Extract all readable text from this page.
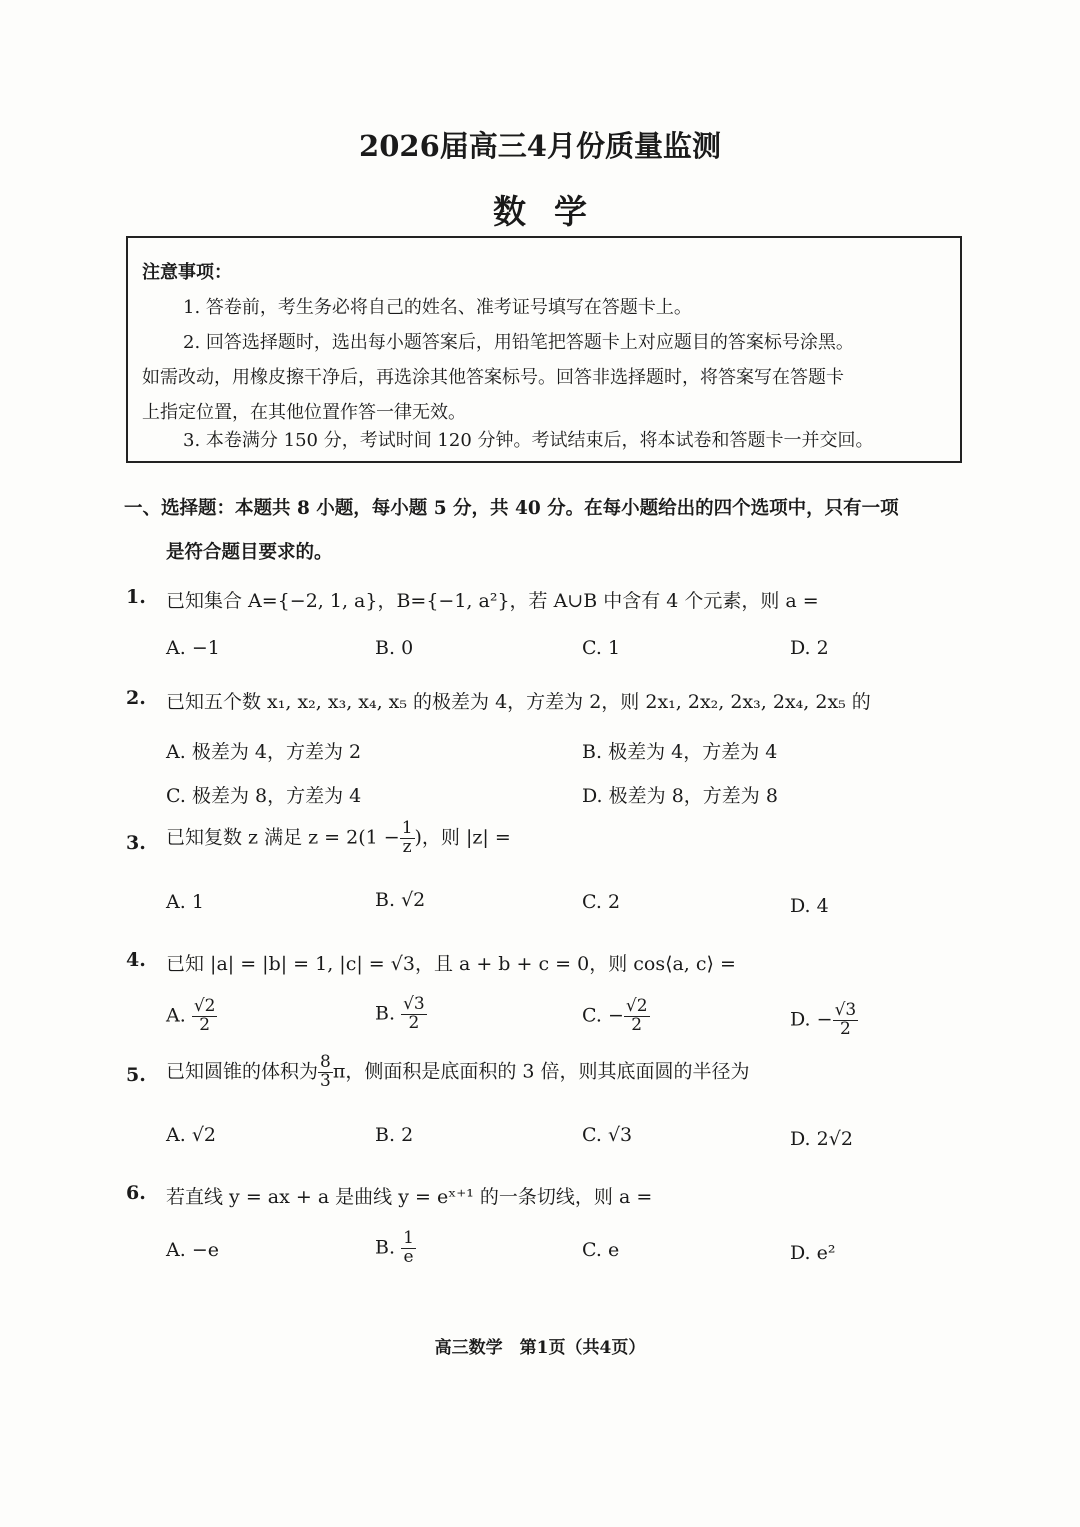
2026届高三4月份质量监测
数学
注意事项：
1. 答卷前，考生务必将自己的姓名、准考证号填写在答题卡上。
2. 回答选择题时，选出每小题答案后，用铅笔把答题卡上对应题目的答案标号涂黑。
如需改动，用橡皮擦干净后，再选涂其他答案标号。回答非选择题时，将答案写在答题卡
上指定位置，在其他位置作答一律无效。
3. 本卷满分 150 分，考试时间 120 分钟。考试结束后，将本试卷和答题卡一并交回。
一、选择题：本题共 8 小题，每小题 5 分，共 40 分。在每小题给出的四个选项中，只有一项
是符合题目要求的。
1. 已知集合 A={−2, 1, a}，B={−1, a²}，若 A∪B 中含有 4 个元素，则 a =
A. −1	B. 0	C. 1	D. 2
2. 已知五个数 x₁, x₂, x₃, x₄, x₅ 的极差为 4，方差为 2，则 2x₁, 2x₂, 2x₃, 2x₄, 2x₅ 的
A. 极差为 4，方差为 2	B. 极差为 4，方差为 4
C. 极差为 8，方差为 4	D. 极差为 8，方差为 8
3. 已知复数 z 满足 $z = 2(1 - \frac{1}{z}$ )，则 |z| =
A. 1	B. √2	C. 2	D. 4
4. 已知 |a| = |b| = 1, |c| = √3，且 a + b + c = 0，则 cos⟨a, c⟩ =
A. $\frac{√2}{2}$	B. $\frac{√3}{2}$	C. − $\frac{√2}{2}$	D. − $\frac{√3}{2}$
5. 已知圆锥的体积为 $\frac{8}{3}$ π，侧面积是底面积的 3 倍，则其底面圆的半径为
A. √2	B. 2	C. √3	D. 2√2
6. 若直线 y = ax + a 是曲线 y = eˣ⁺¹ 的一条切线，则 a =
A. −e	B. $\frac{1}{e}$	C. e	D. e²
高三数学　第1页（共4页）
